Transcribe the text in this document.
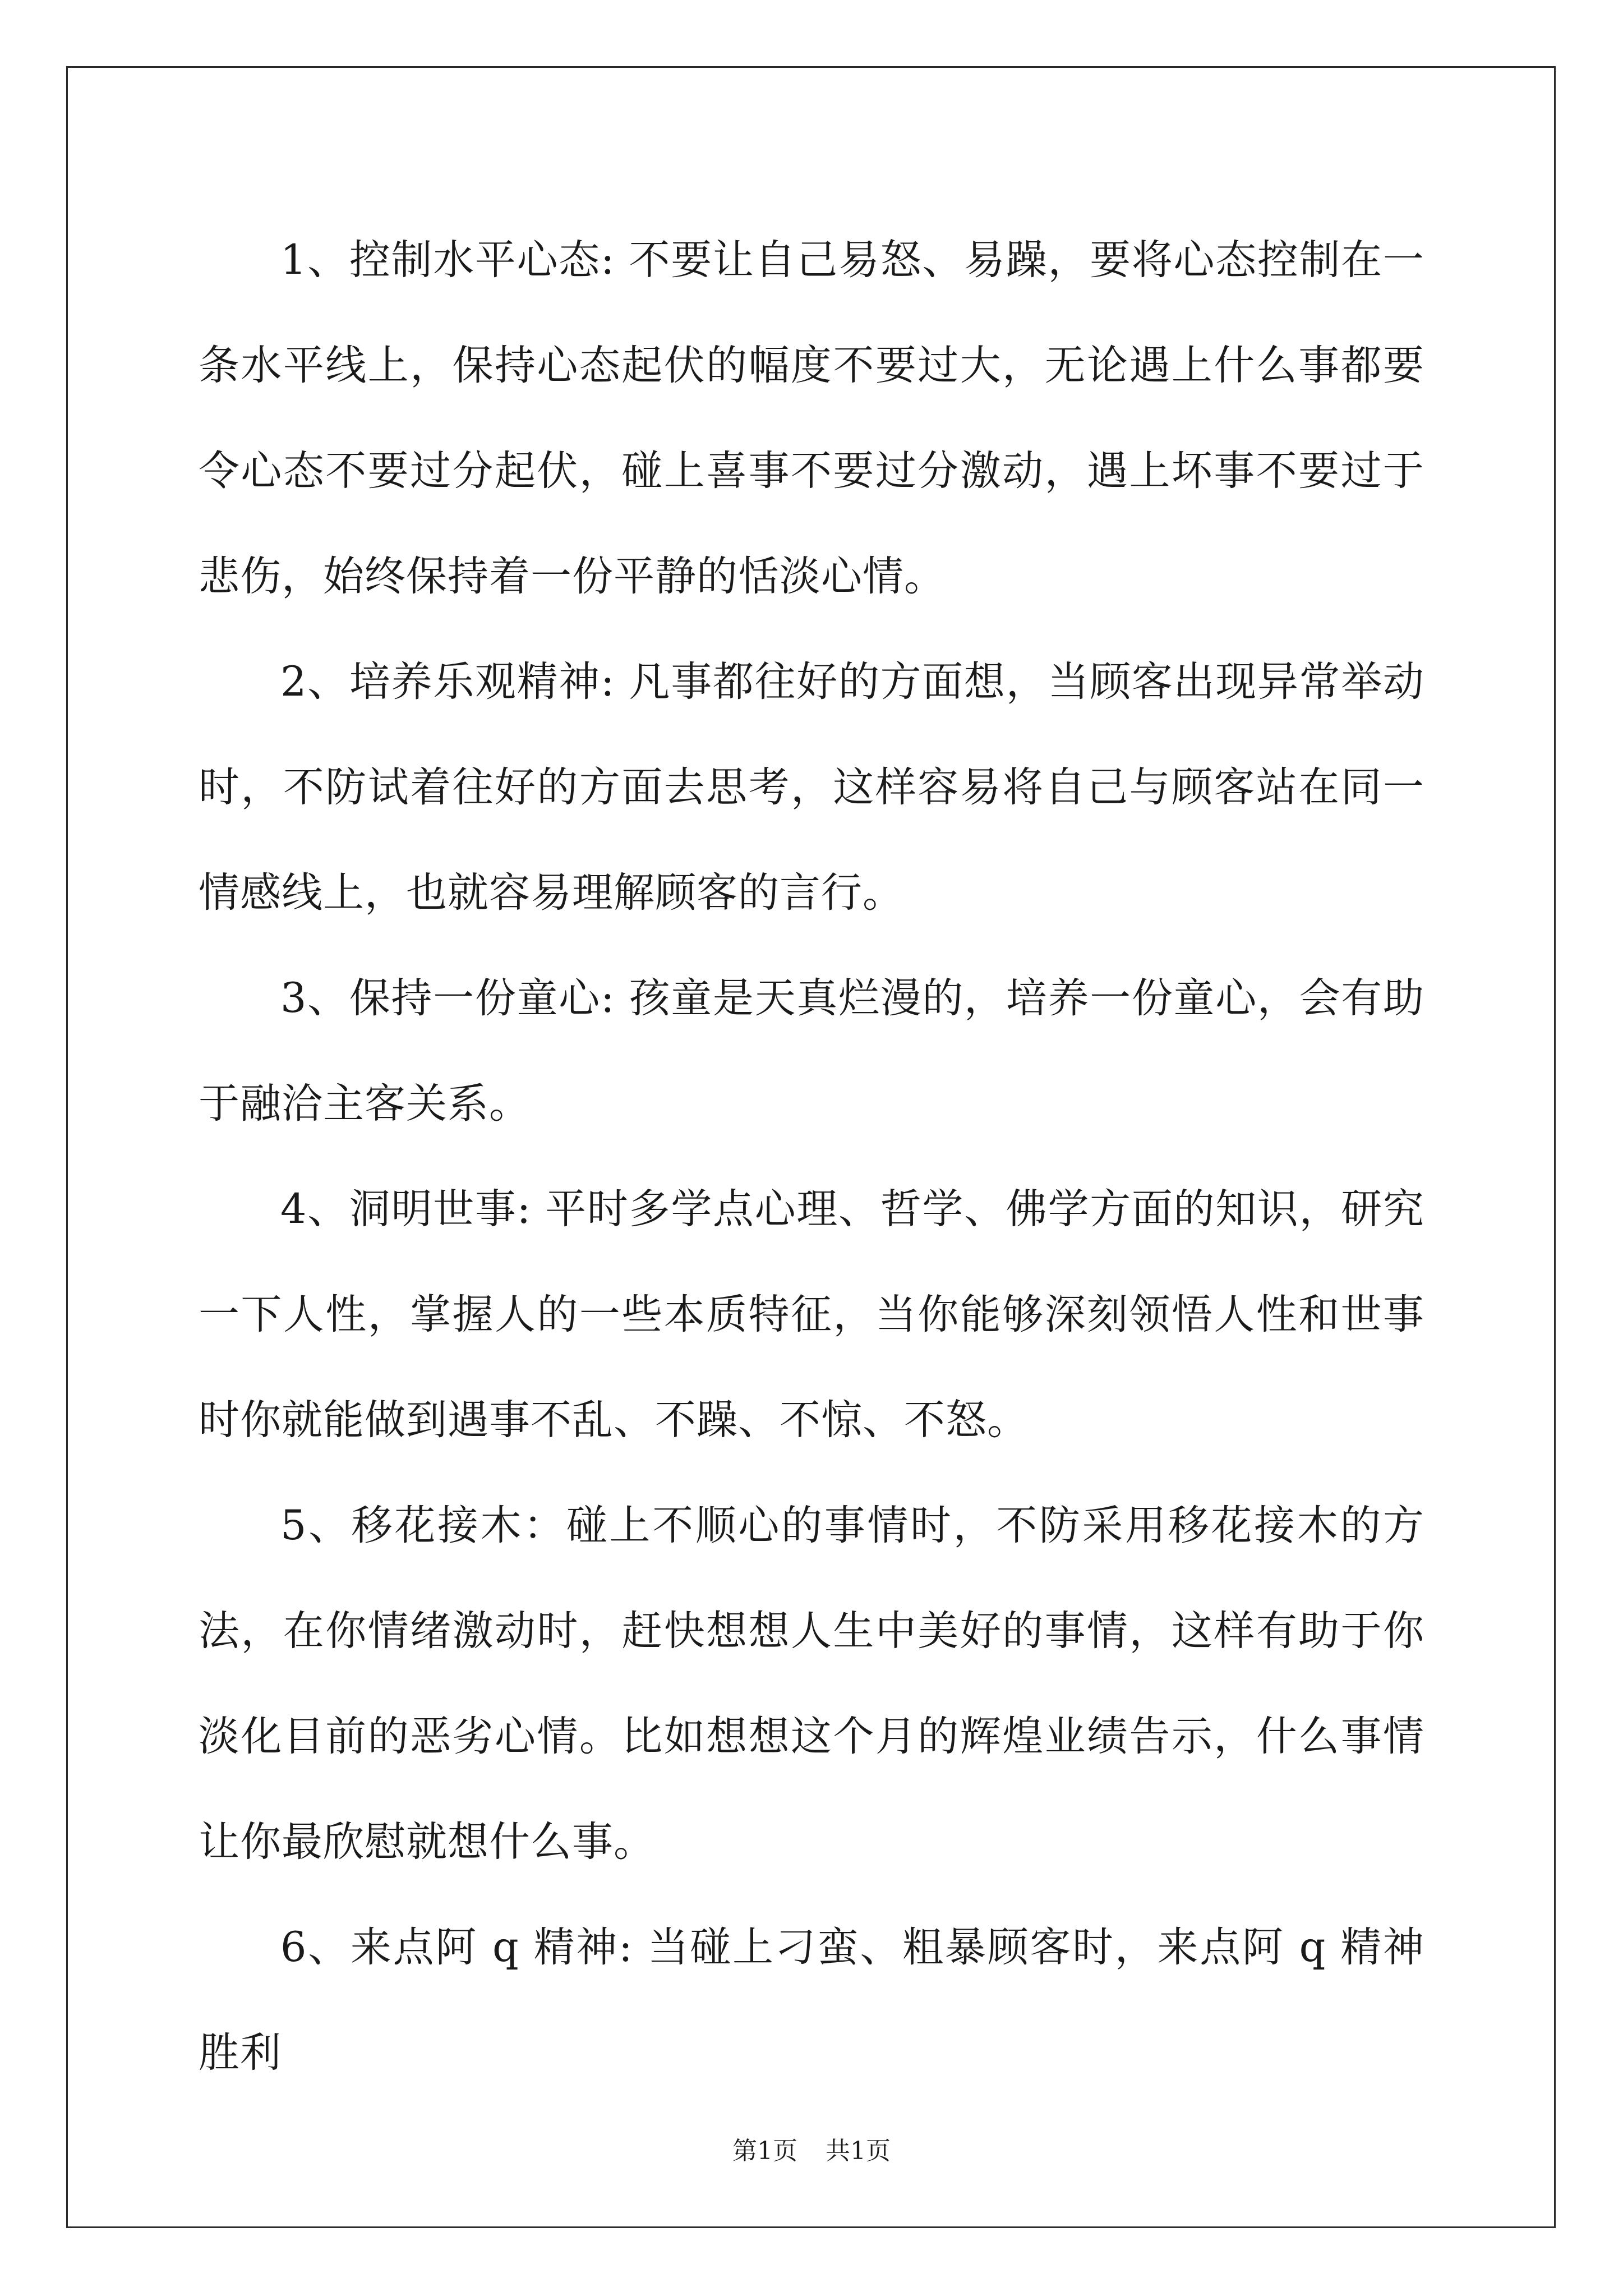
1、控制水平心态: 不要让自己易怒、易躁，要将心态控制在一条水平线上，保持心态起伏的幅度不要过大，无论遇上什么事都要令心态不要过分起伏，碰上喜事不要过分激动，遇上坏事不要过于悲伤，始终保持着一份平静的恬淡心情。

2、培养乐观精神: 凡事都往好的方面想，当顾客出现异常举动时，不防试着往好的方面去思考，这样容易将自己与顾客站在同一情感线上，也就容易理解顾客的言行。

3、保持一份童心: 孩童是天真烂漫的，培养一份童心，会有助于融洽主客关系。

4、洞明世事: 平时多学点心理、哲学、佛学方面的知识，研究一下人性，掌握人的一些本质特征，当你能够深刻领悟人性和世事时你就能做到遇事不乱、不躁、不惊、不怒。

5、移花接木：碰上不顺心的事情时，不防采用移花接木的方法，在你情绪激动时，赶快想想人生中美好的事情，这样有助于你淡化目前的恶劣心情。比如想想这个月的辉煌业绩告示，什么事情让你最欣慰就想什么事。

6、来点阿 q 精神: 当碰上刁蛮、粗暴顾客时，来点阿 q 精神胜利

第1页 共1页
